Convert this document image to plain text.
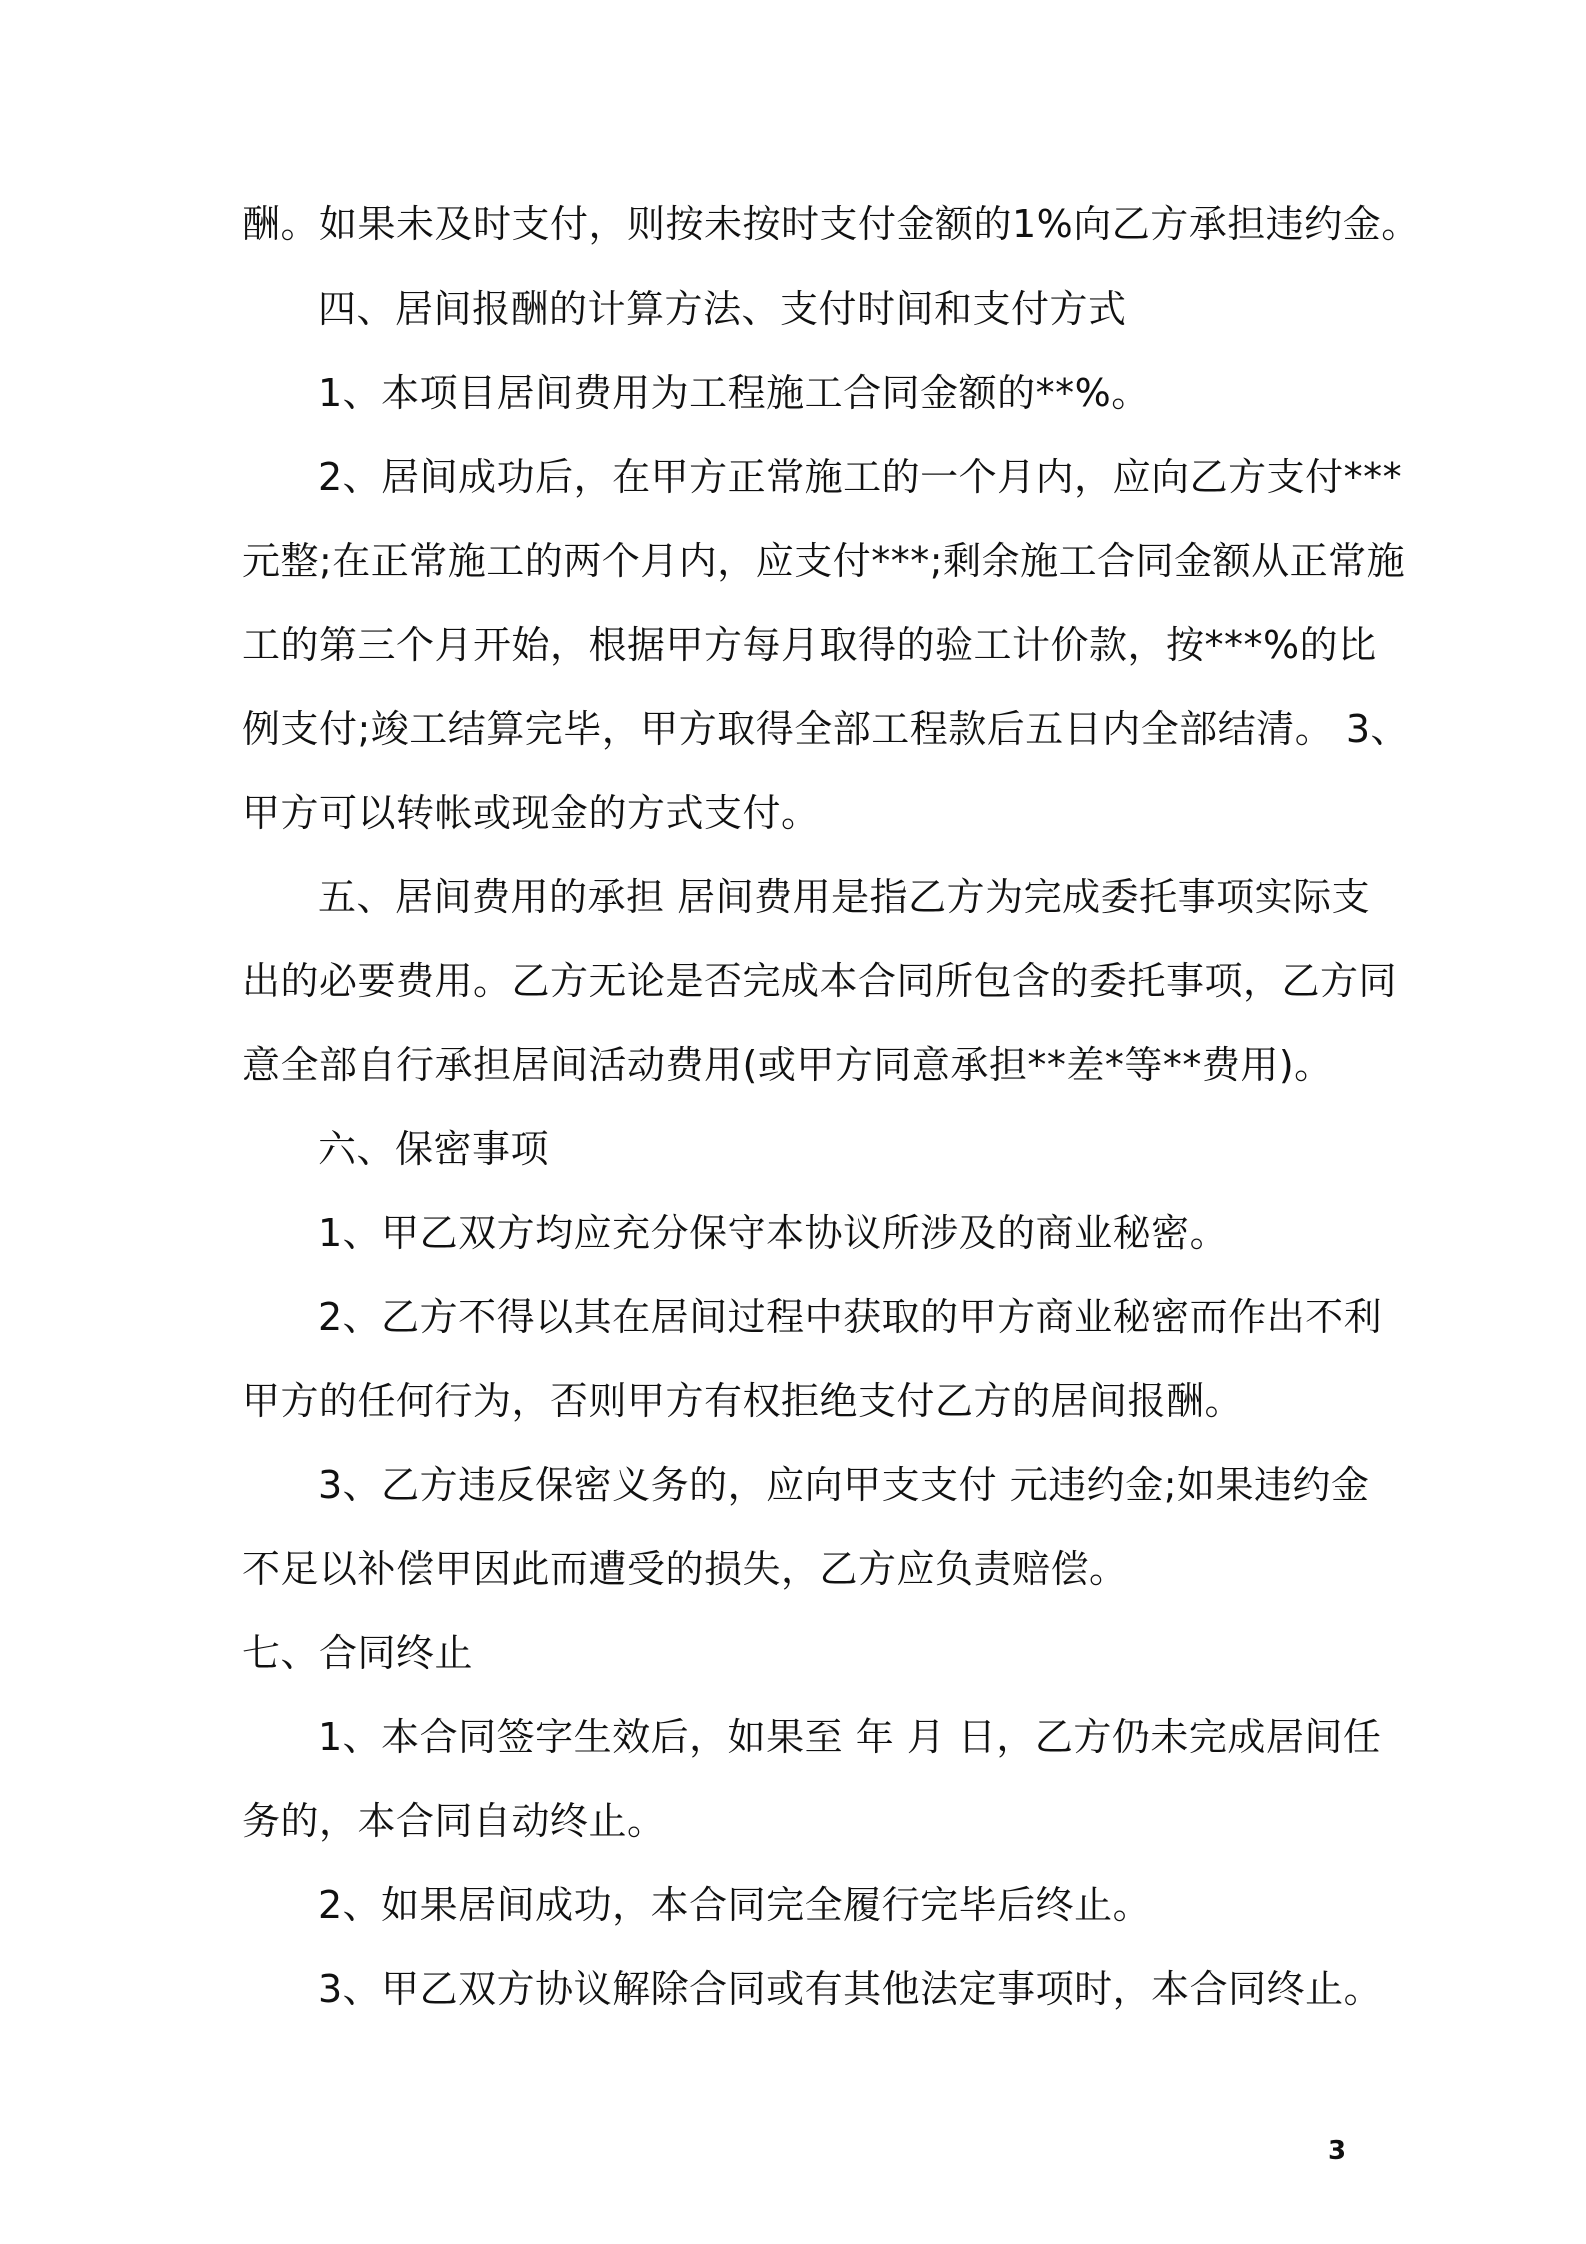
酬。如果未及时支付，则按未按时支付金额的1%向乙方承担违约金。
四、居间报酬的计算方法、支付时间和支付方式
1、本项目居间费用为工程施工合同金额的**%。
2、居间成功后，在甲方正常施工的一个月内，应向乙方支付***
元整;在正常施工的两个月内，应支付***;剩余施工合同金额从正常施
工的第三个月开始，根据甲方每月取得的验工计价款，按***%的比
例支付;竣工结算完毕，甲方取得全部工程款后五日内全部结清。 3、
甲方可以转帐或现金的方式支付。
五、居间费用的承担 居间费用是指乙方为完成委托事项实际支
出的必要费用。乙方无论是否完成本合同所包含的委托事项，乙方同
意全部自行承担居间活动费用(或甲方同意承担**差*等**费用)。
六、保密事项
1、甲乙双方均应充分保守本协议所涉及的商业秘密。
2、乙方不得以其在居间过程中获取的甲方商业秘密而作出不利
甲方的任何行为，否则甲方有权拒绝支付乙方的居间报酬。
3、乙方违反保密义务的，应向甲支支付 元违约金;如果违约金
不足以补偿甲因此而遭受的损失，乙方应负责赔偿。
七、合同终止
1、本合同签字生效后，如果至 年 月 日，乙方仍未完成居间任
务的，本合同自动终止。
2、如果居间成功，本合同完全履行完毕后终止。
3、甲乙双方协议解除合同或有其他法定事项时，本合同终止。
3
